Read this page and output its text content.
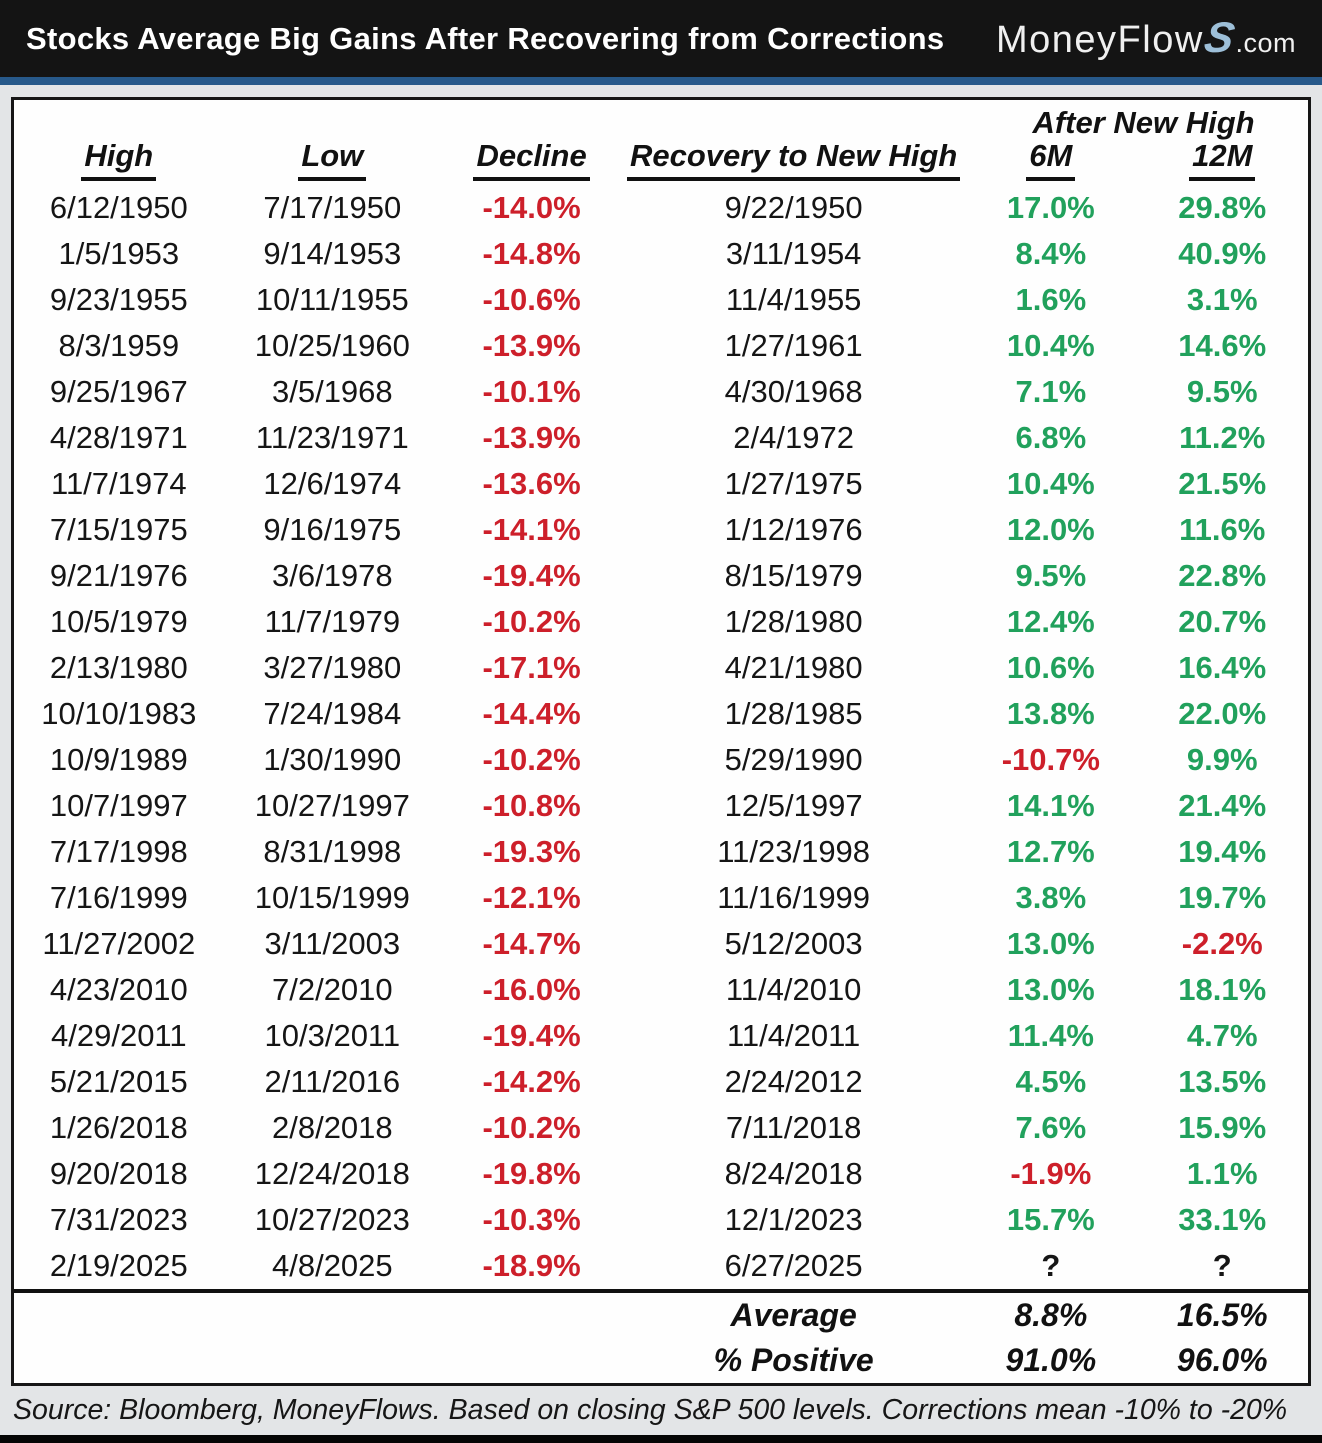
Stocks Average Big Gains After Recovering from Corrections MoneyFlow
S
.com
After New High
High	Low	Decline	Recovery to New High	6M	12M
6/12/1950	7/17/1950	-14.0%	9/22/1950	17.0%	29.8%
1/5/1953	9/14/1953	-14.8%	3/11/1954	8.4%	40.9%
9/23/1955	10/11/1955	-10.6%	11/4/1955	1.6%	3.1%
8/3/1959	10/25/1960	-13.9%	1/27/1961	10.4%	14.6%
9/25/1967	3/5/1968	-10.1%	4/30/1968	7.1%	9.5%
4/28/1971	11/23/1971	-13.9%	2/4/1972	6.8%	11.2%
11/7/1974	12/6/1974	-13.6%	1/27/1975	10.4%	21.5%
7/15/1975	9/16/1975	-14.1%	1/12/1976	12.0%	11.6%
9/21/1976	3/6/1978	-19.4%	8/15/1979	9.5%	22.8%
10/5/1979	11/7/1979	-10.2%	1/28/1980	12.4%	20.7%
2/13/1980	3/27/1980	-17.1%	4/21/1980	10.6%	16.4%
10/10/1983	7/24/1984	-14.4%	1/28/1985	13.8%	22.0%
10/9/1989	1/30/1990	-10.2%	5/29/1990	-10.7%	9.9%
10/7/1997	10/27/1997	-10.8%	12/5/1997	14.1%	21.4%
7/17/1998	8/31/1998	-19.3%	11/23/1998	12.7%	19.4%
7/16/1999	10/15/1999	-12.1%	11/16/1999	3.8%	19.7%
11/27/2002	3/11/2003	-14.7%	5/12/2003	13.0%	-2.2%
4/23/2010	7/2/2010	-16.0%	11/4/2010	13.0%	18.1%
4/29/2011	10/3/2011	-19.4%	11/4/2011	11.4%	4.7%
5/21/2015	2/11/2016	-14.2%	2/24/2012	4.5%	13.5%
1/26/2018	2/8/2018	-10.2%	7/11/2018	7.6%	15.9%
9/20/2018	12/24/2018	-19.8%	8/24/2018	-1.9%	1.1%
7/31/2023	10/27/2023	-10.3%	12/1/2023	15.7%	33.1%
2/19/2025	4/8/2025	-18.9%	6/27/2025	?	?
Average	8.8%	16.5%
% Positive	91.0%	96.0%
Source: Bloomberg, MoneyFlows. Based on closing S&P 500 levels. Corrections mean -10% to -20%
